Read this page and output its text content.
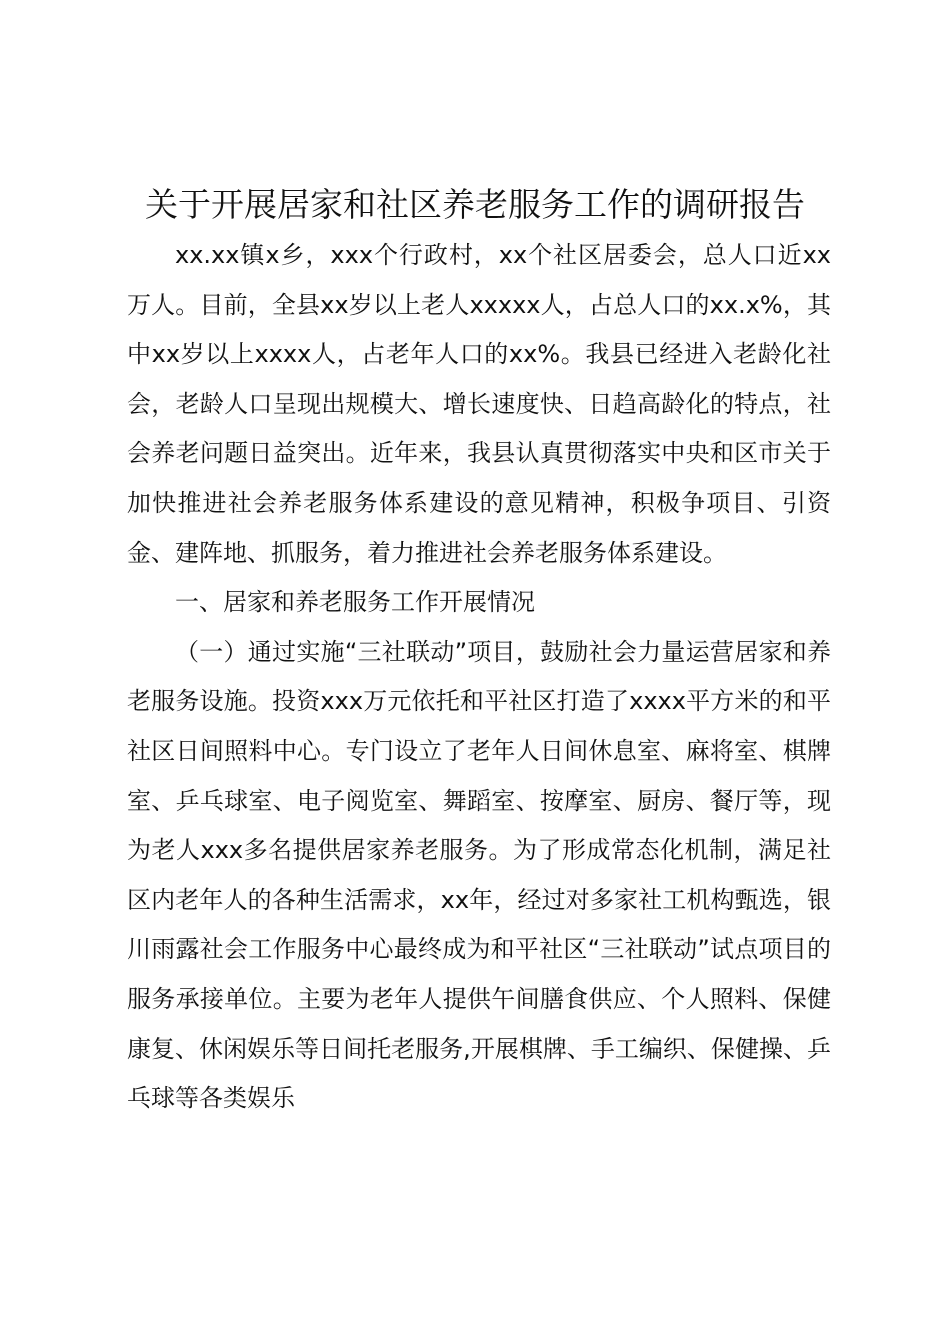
关于开展居家和社区养老服务工作的调研报告

xx.xx镇x乡，xxx个行政村，xx个社区居委会，总人口近xx万人。目前，全县xx岁以上老人xxxxx人，占总人口的xx.x%，其中xx岁以上xxxx人，占老年人口的xx%。我县已经进入老龄化社会，老龄人口呈现出规模大、增长速度快、日趋高龄化的特点，社会养老问题日益突出。近年来，我县认真贯彻落实中央和区市关于加快推进社会养老服务体系建设的意见精神，积极争项目、引资金、建阵地、抓服务，着力推进社会养老服务体系建设。

一、居家和养老服务工作开展情况

（一）通过实施“三社联动”项目，鼓励社会力量运营居家和养老服务设施。投资xxx万元依托和平社区打造了xxxx平方米的和平社区日间照料中心。专门设立了老年人日间休息室、麻将室、棋牌室、乒乓球室、电子阅览室、舞蹈室、按摩室、厨房、餐厅等，现为老人xxx多名提供居家养老服务。为了形成常态化机制，满足社区内老年人的各种生活需求，xx年，经过对多家社工机构甄选，银川雨露社会工作服务中心最终成为和平社区“三社联动”试点项目的服务承接单位。主要为老年人提供午间膳食供应、个人照料、保健康复、休闲娱乐等日间托老服务,开展棋牌、手工编织、保健操、乒乓球等各类娱乐
